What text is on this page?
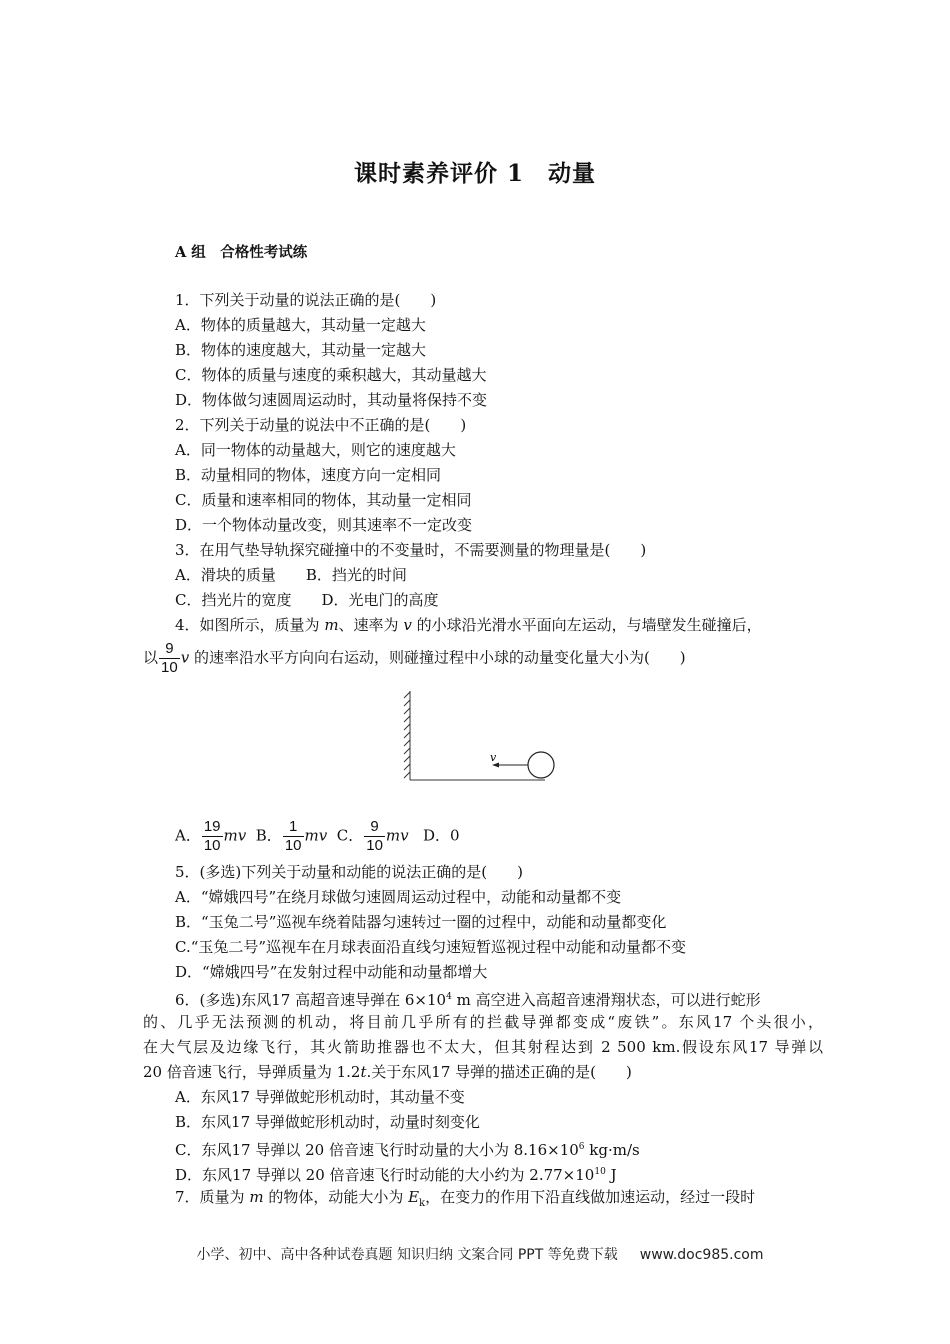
课时素养评价 1　动量
A 组　合格性考试练
1．下列关于动量的说法正确的是(　　)
A．物体的质量越大，其动量一定越大
B．物体的速度越大，其动量一定越大
C．物体的质量与速度的乘积越大，其动量越大
D．物体做匀速圆周运动时，其动量将保持不变
2．下列关于动量的说法中不正确的是(　　)
A．同一物体的动量越大，则它的速度越大
B．动量相同的物体，速度方向一定相同
C．质量和速率相同的物体，其动量一定相同
D．一个物体动量改变，则其速率不一定改变
3．在用气垫导轨探究碰撞中的不变量时，不需要测量的物理量是(　　)
A．滑块的质量　　B．挡光的时间
C．挡光片的宽度　　D．光电门的高度
4．如图所示，质量为 m、速率为 v 的小球沿光滑水平面向左运动，与墙壁发生碰撞后，
以 $\frac{9}{10}$ v 的速率沿水平方向向右运动，则碰撞过程中小球的动量变化量大小为(　　)
v
A． $\frac{19}{10}$ mv B． $\frac{1}{10}$ mv C． $\frac{9}{10}$ mv D．0
5．(多选)下列关于动量和动能的说法正确的是(　　)
A．“嫦娥四号”在绕月球做匀速圆周运动过程中，动能和动量都不变
B．“玉兔二号”巡视车绕着陆器匀速转过一圈的过程中，动能和动量都变化
C.“玉兔二号”巡视车在月球表面沿直线匀速短暂巡视过程中动能和动量都不变
D．“嫦娥四号”在发射过程中动能和动量都增大
6．(多选)东风17 高超音速导弹在 $6\times 10^4$ m 高空进入高超音速滑翔状态，可以进行蛇形
的、几乎无法预测的机动，将目前几乎所有的拦截导弹都变成“废铁”。东风17 个头很小，
在大气层及边缘飞行，其火箭助推器也不太大，但其射程达到 2 500 km.假设东风17 导弹以
20 倍音速飞行，导弹质量为 1.2t.关于东风17 导弹的描述正确的是(　　)
A．东风17 导弹做蛇形机动时，其动量不变
B．东风17 导弹做蛇形机动时，动量时刻变化
C．东风17 导弹以 20 倍音速飞行时动量的大小为 $8.16\times 10^6$ kg·m/s
D．东风17 导弹以 20 倍音速飞行时动能的大小约为 $2.77\times 10^{10}$ J
7．质量为 m 的物体，动能大小为 $E_k$，在变力的作用下沿直线做加速运动，经过一段时
小学、初中、高中各种试卷真题 知识归纳 文案合同 PPT 等免费下载 www.doc985.com
